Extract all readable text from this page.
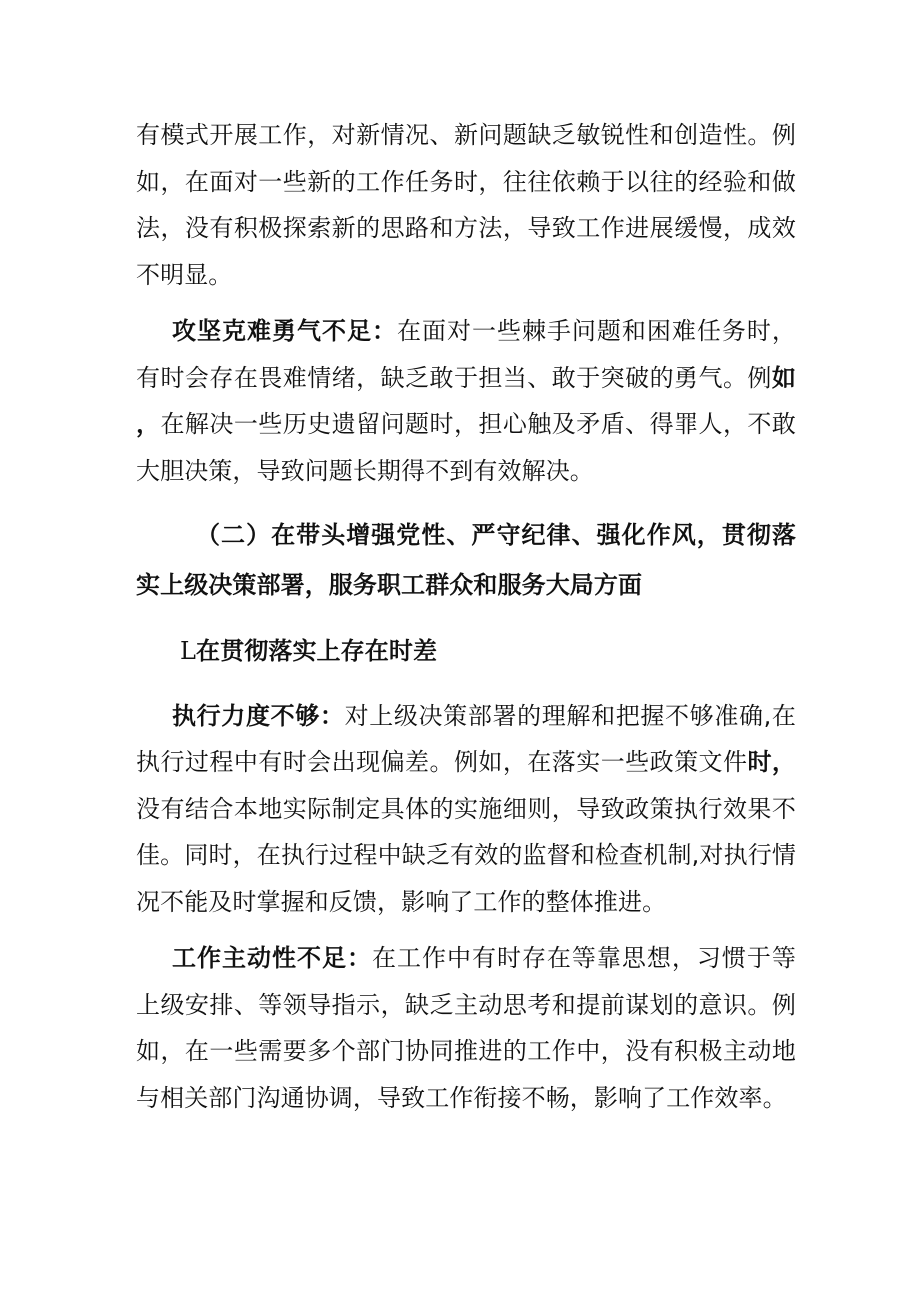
有模式开展工作，对新情况、新问题缺乏敏锐性和创造性。例如，在面对一些新的工作任务时，往往依赖于以往的经验和做法，没有积极探索新的思路和方法，导致工作进展缓慢，成效不明显。

攻坚克难勇气不足：在面对一些棘手问题和困难任务时，有时会存在畏难情绪，缺乏敢于担当、敢于突破的勇气。例如，在解决一些历史遗留问题时，担心触及矛盾、得罪人，不敢大胆决策，导致问题长期得不到有效解决。

（二）在带头增强党性、严守纪律、强化作风，贯彻落实上级决策部署，服务职工群众和服务大局方面

L在贯彻落实上存在时差

执行力度不够：对上级决策部署的理解和把握不够准确,在执行过程中有时会出现偏差。例如，在落实一些政策文件时，没有结合本地实际制定具体的实施细则，导致政策执行效果不佳。同时，在执行过程中缺乏有效的监督和检查机制,对执行情况不能及时掌握和反馈，影响了工作的整体推进。

工作主动性不足：在工作中有时存在等靠思想，习惯于等上级安排、等领导指示，缺乏主动思考和提前谋划的意识。例如，在一些需要多个部门协同推进的工作中，没有积极主动地与相关部门沟通协调，导致工作衔接不畅，影响了工作效率。
